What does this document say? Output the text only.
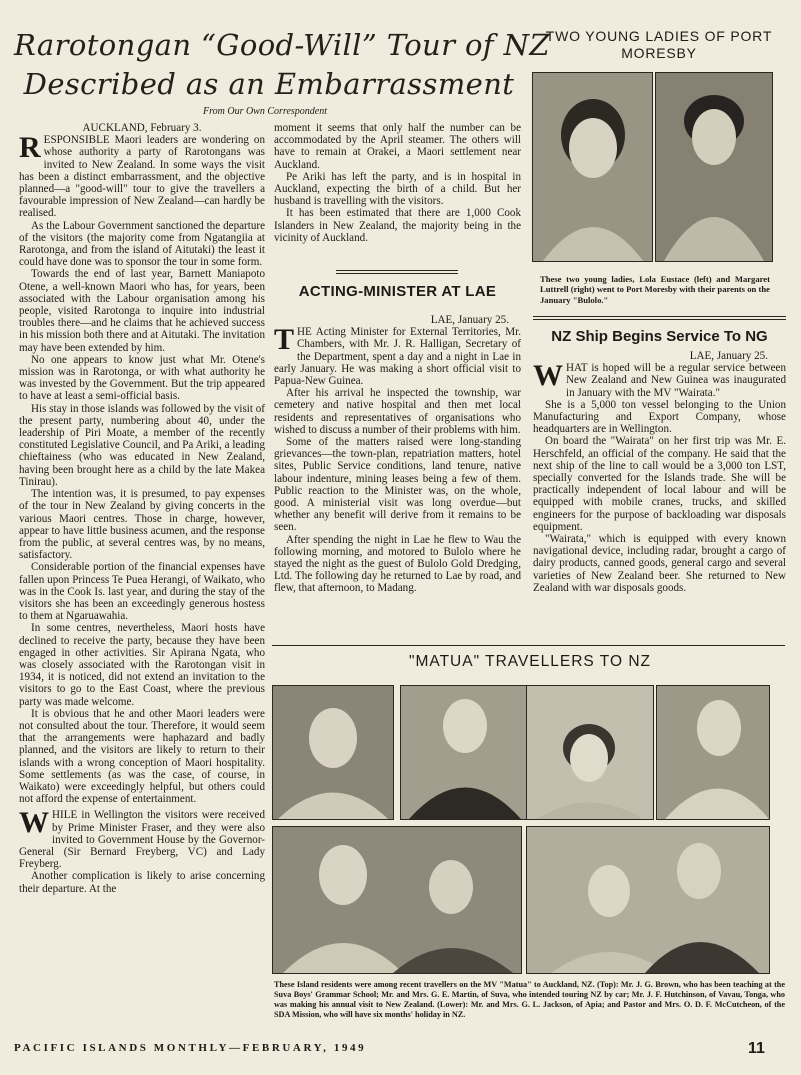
Rarotongan “Good-Will” Tour of NZ
Described as an Embarrassment
TWO YOUNG LADIES OF PORT
MORESBY
From Our Own Correspondent

AUCKLAND, February 3.

RESPONSIBLE Maori leaders are wondering on whose authority a party of Rarotongans was invited to New Zealand. In some ways the visit has been a distinct embarrassment, and the objective planned—a "good-will" tour to give the travellers a favourable impression of New Zealand—can hardly be realised.

As the Labour Government sanctioned the departure of the visitors (the majority come from Ngatangiia at Rarotonga, and from the island of Aitutaki) the least it could have done was to sponsor the tour in some form.

Towards the end of last year, Barnett Maniapoto Otene, a well-known Maori who has, for years, been associated with the Labour organisation among his people, visited Rarotonga to inquire into industrial troubles there—and he claims that he achieved success in his mission both there and at Aitutaki. The invitation may have been extended by him.

No one appears to know just what Mr. Otene's mission was in Rarotonga, or with what authority he was invested by the Government. But the trip appeared to have at least a semi-official basis.

His stay in those islands was followed by the visit of the present party, numbering about 40, under the leadership of Piri Moate, a member of the recently constituted Legislative Council, and Pa Ariki, a leading chieftainess (who was educated in New Zealand, having been brought here as a child by the late Makea Tinirau).

The intention was, it is presumed, to pay expenses of the tour in New Zealand by giving concerts in the various Maori centres. Those in charge, however, appear to have little business acumen, and the response from the public, at several centres was, by no means, satisfactory.

Considerable portion of the financial expenses have fallen upon Princess Te Puea Herangi, of Waikato, who was in the Cook Is. last year, and during the stay of the visitors she has been an exceedingly generous hostess to them at Ngaruawahia.

In some centres, nevertheless, Maori hosts have declined to receive the party, because they have been engaged in other activities. Sir Apirana Ngata, who was closely associated with the Rarotongan visit in 1934, it is noticed, did not extend an invitation to the visitors to go to the East Coast, where the previous party was made welcome.

It is obvious that he and other Maori leaders were not consulted about the tour. Therefore, it would seem that the arrangements were haphazard and badly planned, and the visitors are likely to return to their islands with a wrong conception of Maori hospitality. Some settlements (as was the case, of course, in Waikato) were exceedingly helpful, but others could not afford the expense of entertainment.

WHILE in Wellington the visitors were received by Prime Minister Fraser, and they were also invited to Government House by the Governor-General (Sir Bernard Freyberg, VC) and Lady Freyberg.

Another complication is likely to arise concerning their departure. At the

moment it seems that only half the number can be accommodated by the April steamer. The others will have to remain at Orakei, a Maori settlement near Auckland.

Pe Ariki has left the party, and is in hospital in Auckland, expecting the birth of a child. But her husband is travelling with the visitors.

It has been estimated that there are 1,000 Cook Islanders in New Zealand, the majority being in the vicinity of Auckland.

ACTING-MINISTER AT LAE

LAE, January 25.

THE Acting Minister for External Territories, Mr. Chambers, with Mr. J. R. Halligan, Secretary of the Department, spent a day and a night in Lae in early January. He was making a short official visit to Papua-New Guinea.

After his arrival he inspected the township, war cemetery and native hospital and then met local residents and representatives of organisations who wished to discuss a number of their problems with him.

Some of the matters raised were long-standing grievances—the town-plan, repatriation matters, hotel sites, Public Service conditions, land tenure, native labour indenture, mining leases being a few of them. Public reaction to the Minister was, on the whole, good. A ministerial visit was long overdue—but whether any benefit will derive from it remains to be seen.

After spending the night in Lae he flew to Wau the following morning, and motored to Bulolo where he stayed the night as the guest of Bulolo Gold Dredging, Ltd. The following day he returned to Lae by road, and flew, that afternoon, to Madang.

These two young ladies, Lola Eustace (left) and Margaret Luttrell (right) went to Port Moresby with their parents on the January "Bulolo."
NZ Ship Begins Service To NG

LAE, January 25.

WHAT is hoped will be a regular service between New Zealand and New Guinea was inaugurated in January with the MV "Wairata."

She is a 5,000 ton vessel belonging to the Union Manufacturing and Export Company, whose headquarters are in Wellington.

On board the "Wairata" on her first trip was Mr. E. Herschfeld, an official of the company. He said that the next ship of the line to call would be a 3,000 ton LST, specially converted for the Islands trade. She will be practically independent of local labour and will be equipped with mobile cranes, trucks, and skilled engineers for the purpose of backloading war disposals equipment.

"Wairata," which is equipped with every known navigational device, including radar, brought a cargo of dairy products, canned goods, general cargo and several varieties of New Zealand beer. She returned to New Zealand with war disposals goods.

"MATUA" TRAVELLERS TO NZ
These Island residents were among recent travellers on the MV "Matua" to Auckland, NZ. (Top): Mr. J. G. Brown, who has been teaching at the Suva Boys' Grammar School; Mr. and Mrs. G. E. Martin, of Suva, who intended touring NZ by car; Mr. J. F. Hutchinson, of Vavau, Tonga, who was making his annual visit to New Zealand. (Lower): Mr. and Mrs. G. L. Jackson, of Apia; and Pastor and Mrs. O. D. F. McCutcheon, of the SDA Mission, who will have six months' holiday in NZ.
PACIFIC ISLANDS MONTHLY—FEBRUARY, 1949	11
